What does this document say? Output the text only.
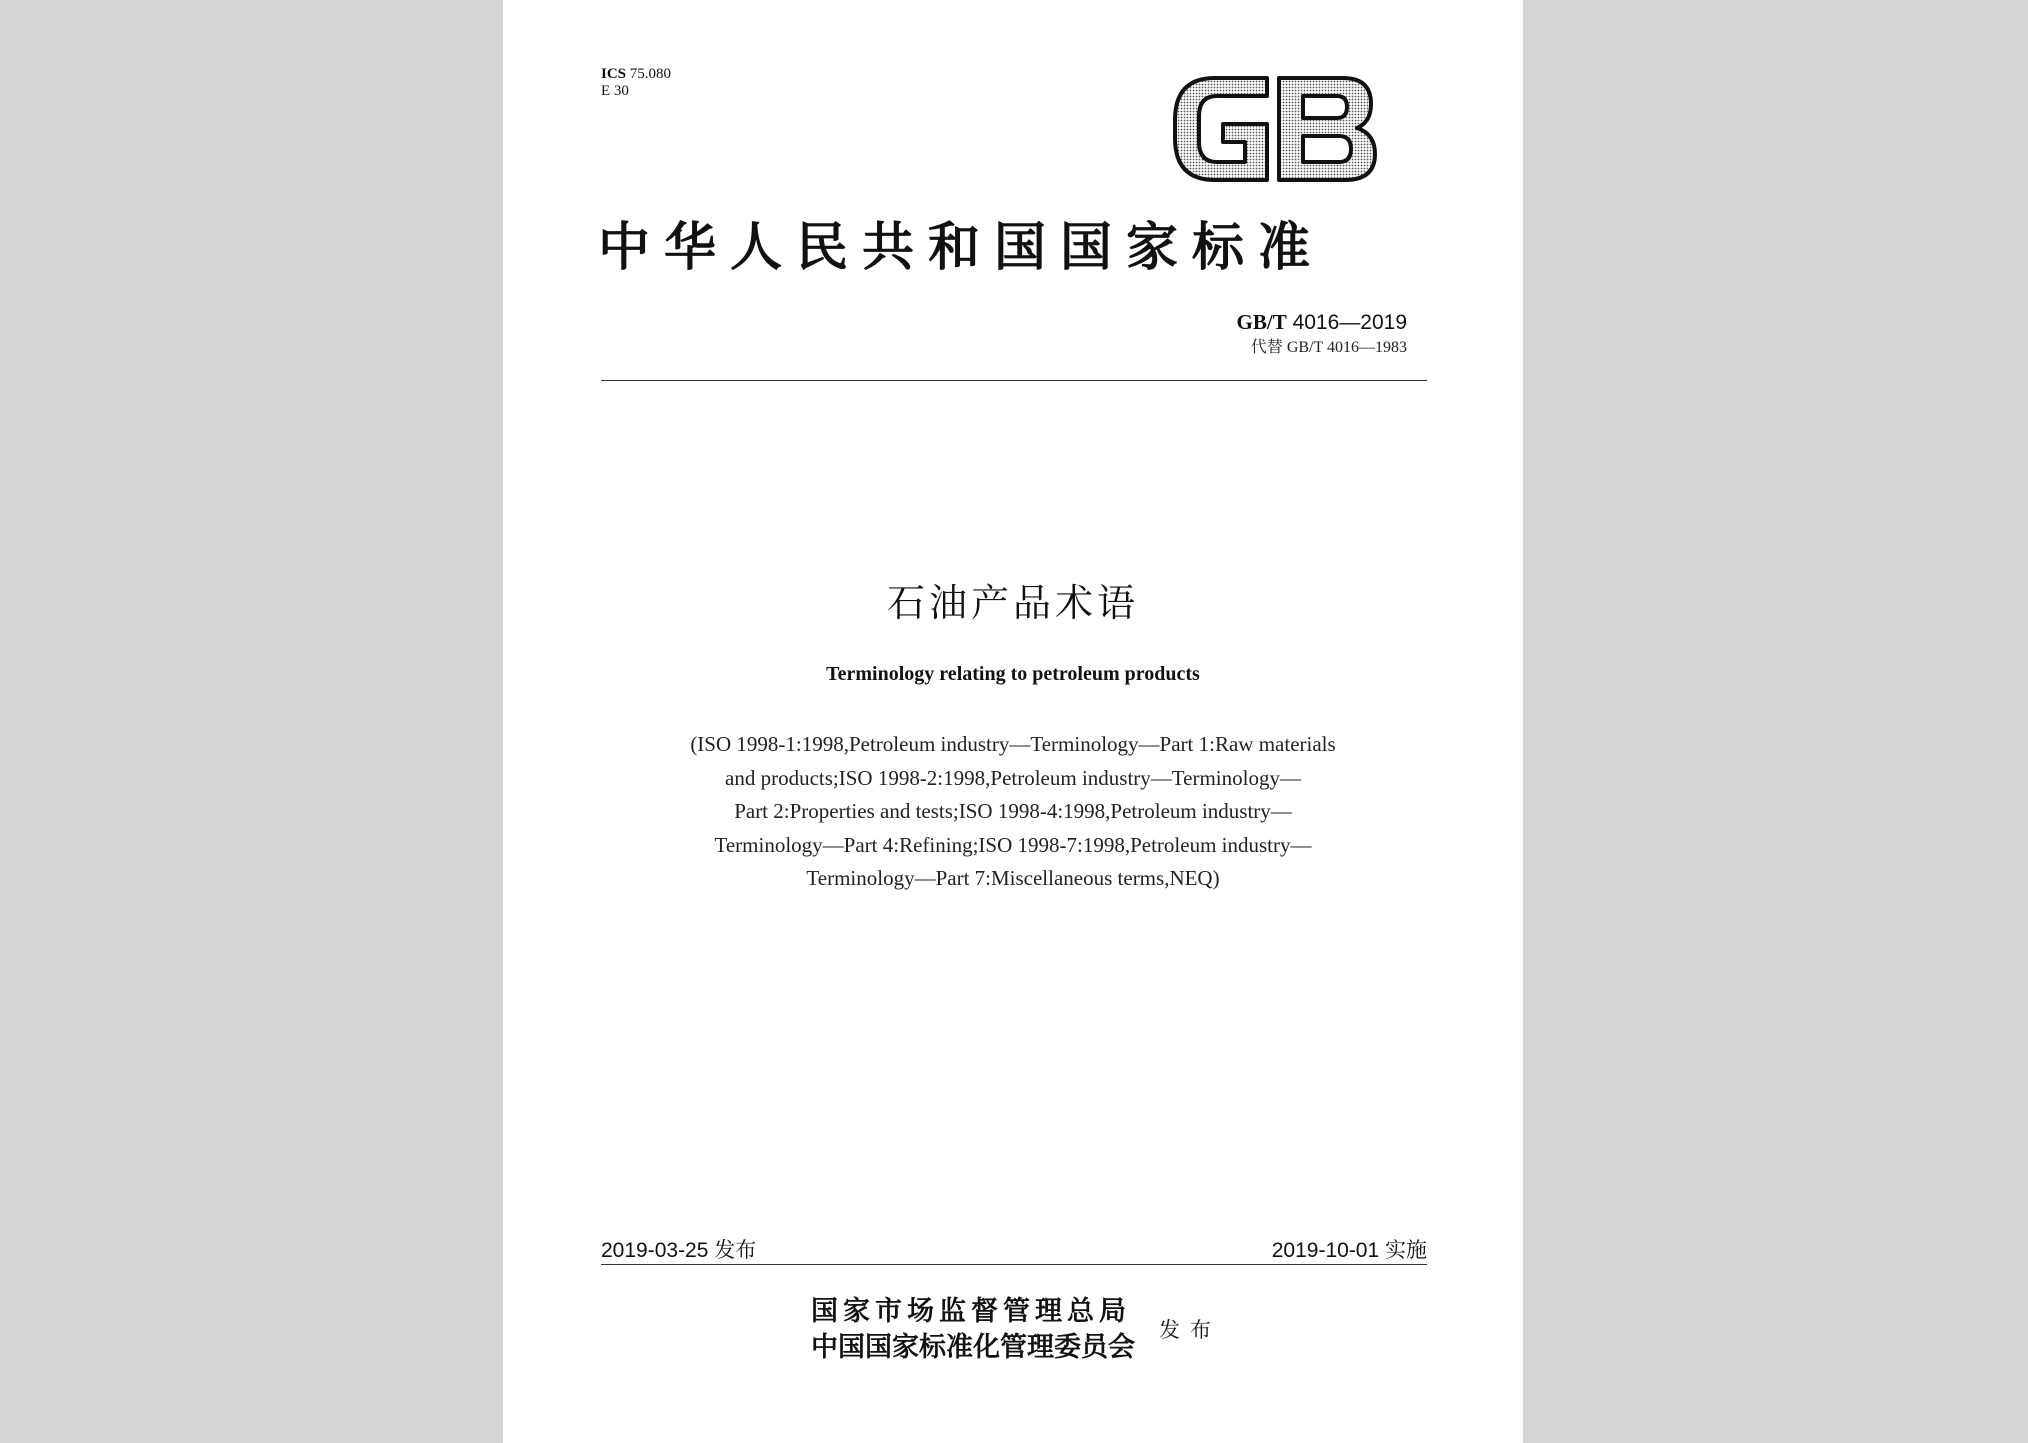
ICS 75.080
E 30
GB
中华人民共和国国家标准
GB/T 4016—2019
代替 GB/T 4016—1983
石油产品术语
Terminology relating to petroleum products
(ISO 1998-1:1998,Petroleum industry—Terminology—Part 1:Raw materials
and products;ISO 1998-2:1998,Petroleum industry—Terminology—
Part 2:Properties and tests;ISO 1998-4:1998,Petroleum industry—
Terminology—Part 4:Refining;ISO 1998-7:1998,Petroleum industry—
Terminology—Part 7:Miscellaneous terms,NEQ)
2019-03-25 发布	2019-10-01 实施
国家市场监督管理总局
中国国家标准化管理委员会
发布
